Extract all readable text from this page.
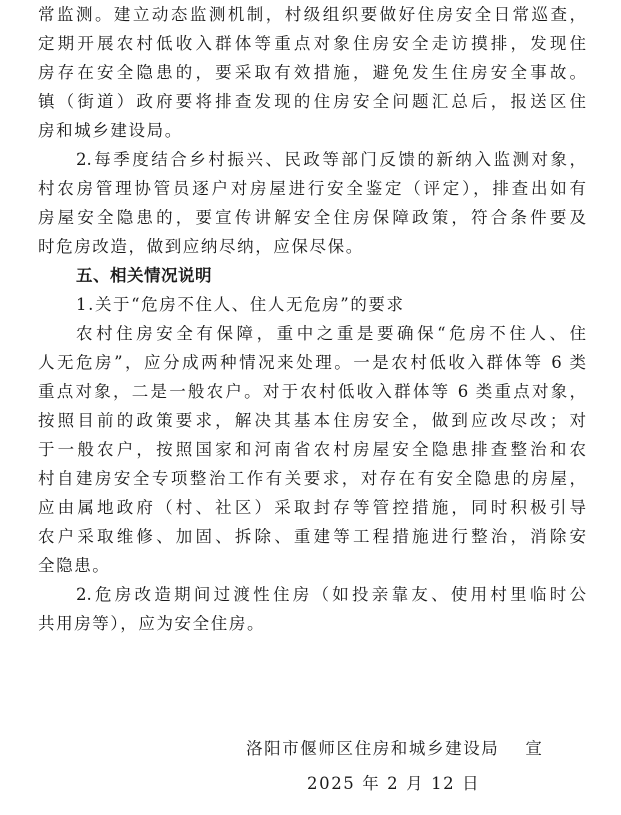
常监测。建立动态监测机制，村级组织要做好住房安全日常巡查，
定期开展农村低收入群体等重点对象住房安全走访摸排，发现住
房存在安全隐患的，要采取有效措施，避免发生住房安全事故。
镇（街道）政府要将排查发现的住房安全问题汇总后，报送区住
房和城乡建设局。
2.每季度结合乡村振兴、民政等部门反馈的新纳入监测对象，
村农房管理协管员逐户对房屋进行安全鉴定（评定），排查出如有
房屋安全隐患的，要宣传讲解安全住房保障政策，符合条件要及
时危房改造，做到应纳尽纳，应保尽保。
五、相关情况说明
1.关于“危房不住人、住人无危房”的要求
农村住房安全有保障，重中之重是要确保“危房不住人、住
人无危房”，应分成两种情况来处理。一是农村低收入群体等 6 类
重点对象，二是一般农户。对于农村低收入群体等 6 类重点对象，
按照目前的政策要求，解决其基本住房安全，做到应改尽改；对
于一般农户，按照国家和河南省农村房屋安全隐患排查整治和农
村自建房安全专项整治工作有关要求，对存在有安全隐患的房屋，
应由属地政府（村、社区）采取封存等管控措施，同时积极引导
农户采取维修、加固、拆除、重建等工程措施进行整治，消除安
全隐患。
2.危房改造期间过渡性住房（如投亲靠友、使用村里临时公
共用房等），应为安全住房。
洛阳市偃师区住房和城乡建设局 宣
2025 年 2 月 12 日
